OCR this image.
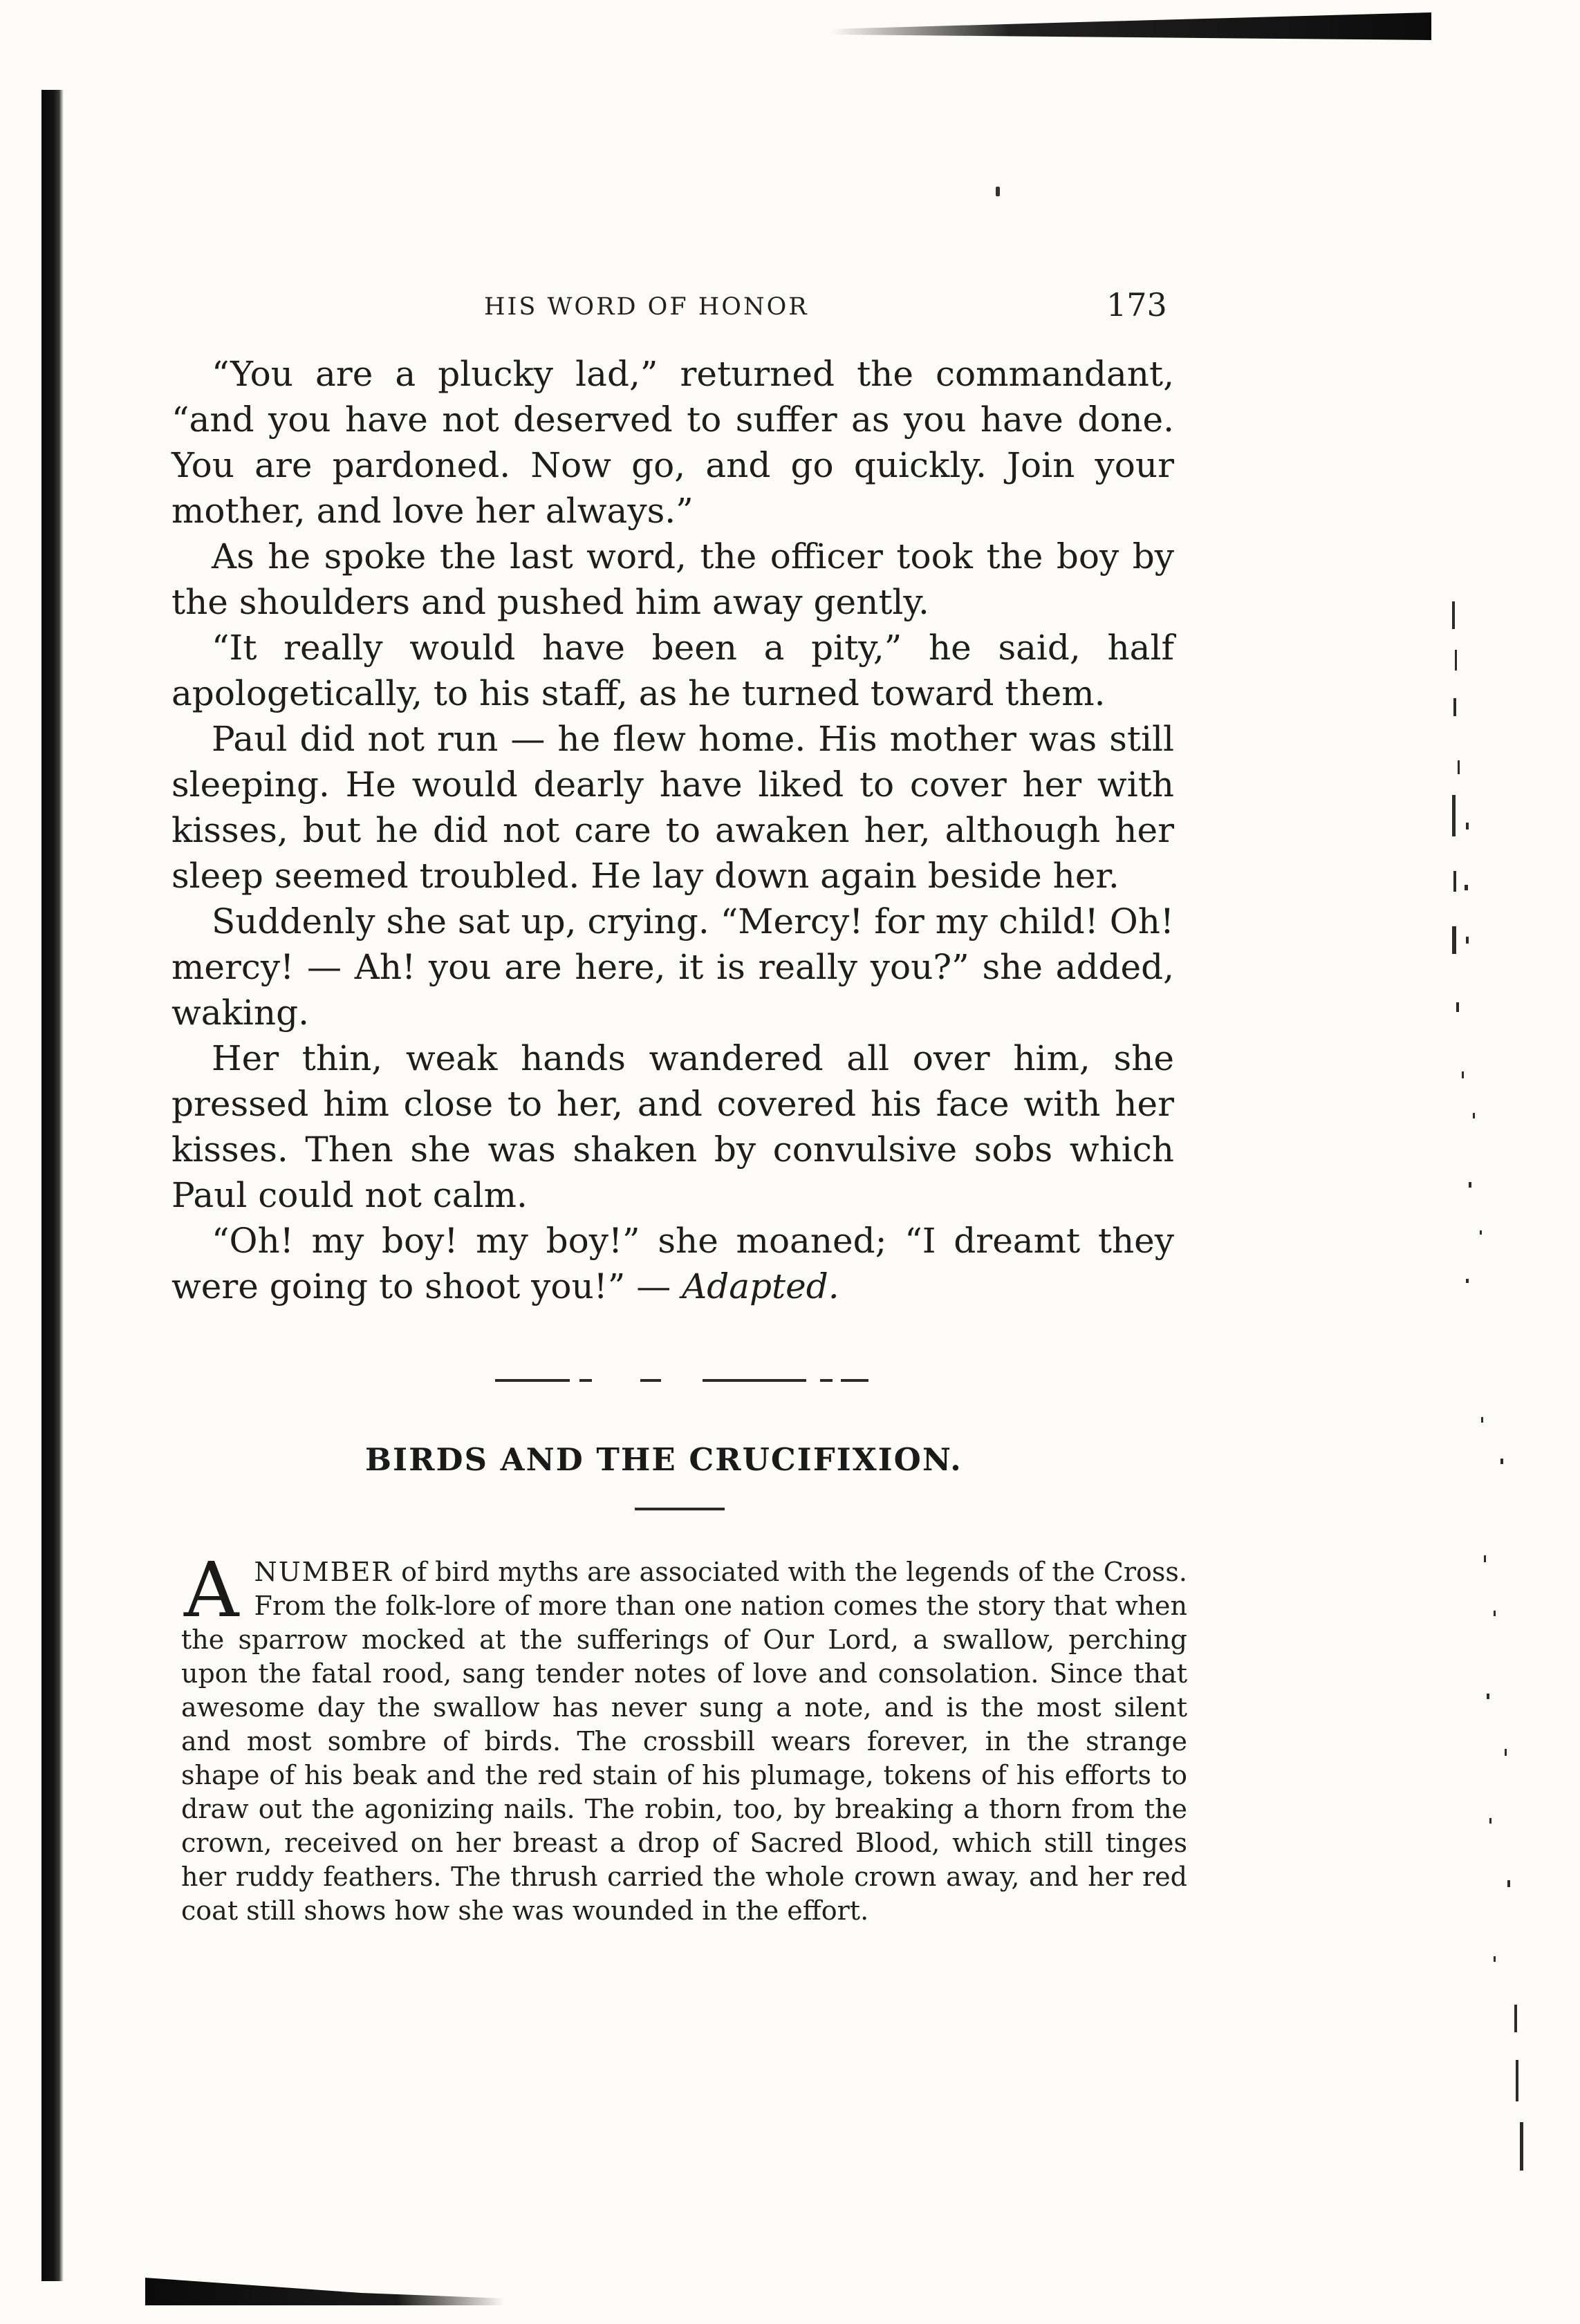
HIS WORD OF HONOR	173

“You are a plucky lad,” returned the commandant, “and you have not deserved to suffer as you have done. You are pardoned. Now go, and go quickly. Join your mother, and love her always.”

As he spoke the last word, the officer took the boy by the shoulders and pushed him away gently.

“It really would have been a pity,” he said, half apologetically, to his staff, as he turned toward them.

Paul did not run — he flew home. His mother was still sleeping. He would dearly have liked to cover her with kisses, but he did not care to awaken her, although her sleep seemed troubled. He lay down again beside her.

Suddenly she sat up, crying. “Mercy! for my child! Oh! mercy! — Ah! you are here, it is really you?” she added, waking.

Her thin, weak hands wandered all over him, she pressed him close to her, and covered his face with her kisses. Then she was shaken by convulsive sobs which Paul could not calm.

“Oh! my boy! my boy!” she moaned; “I dreamt they were going to shoot you!” — Adapted.

BIRDS AND THE CRUCIFIXION.
ANUMBER of bird myths are associated with the legends of the Cross. From the folk-lore of more than one nation comes the story that when the sparrow mocked at the sufferings of Our Lord, a swallow, perching upon the fatal rood, sang tender notes of love and consolation. Since that awesome day the swallow has never sung a note, and is the most silent and most sombre of birds. The crossbill wears forever, in the strange shape of his beak and the red stain of his plumage, tokens of his efforts to draw out the agonizing nails. The robin, too, by breaking a thorn from the crown, received on her breast a drop of Sacred Blood, which still tinges her ruddy feathers. The thrush carried the whole crown away, and her red coat still shows how she was wounded in the effort.
